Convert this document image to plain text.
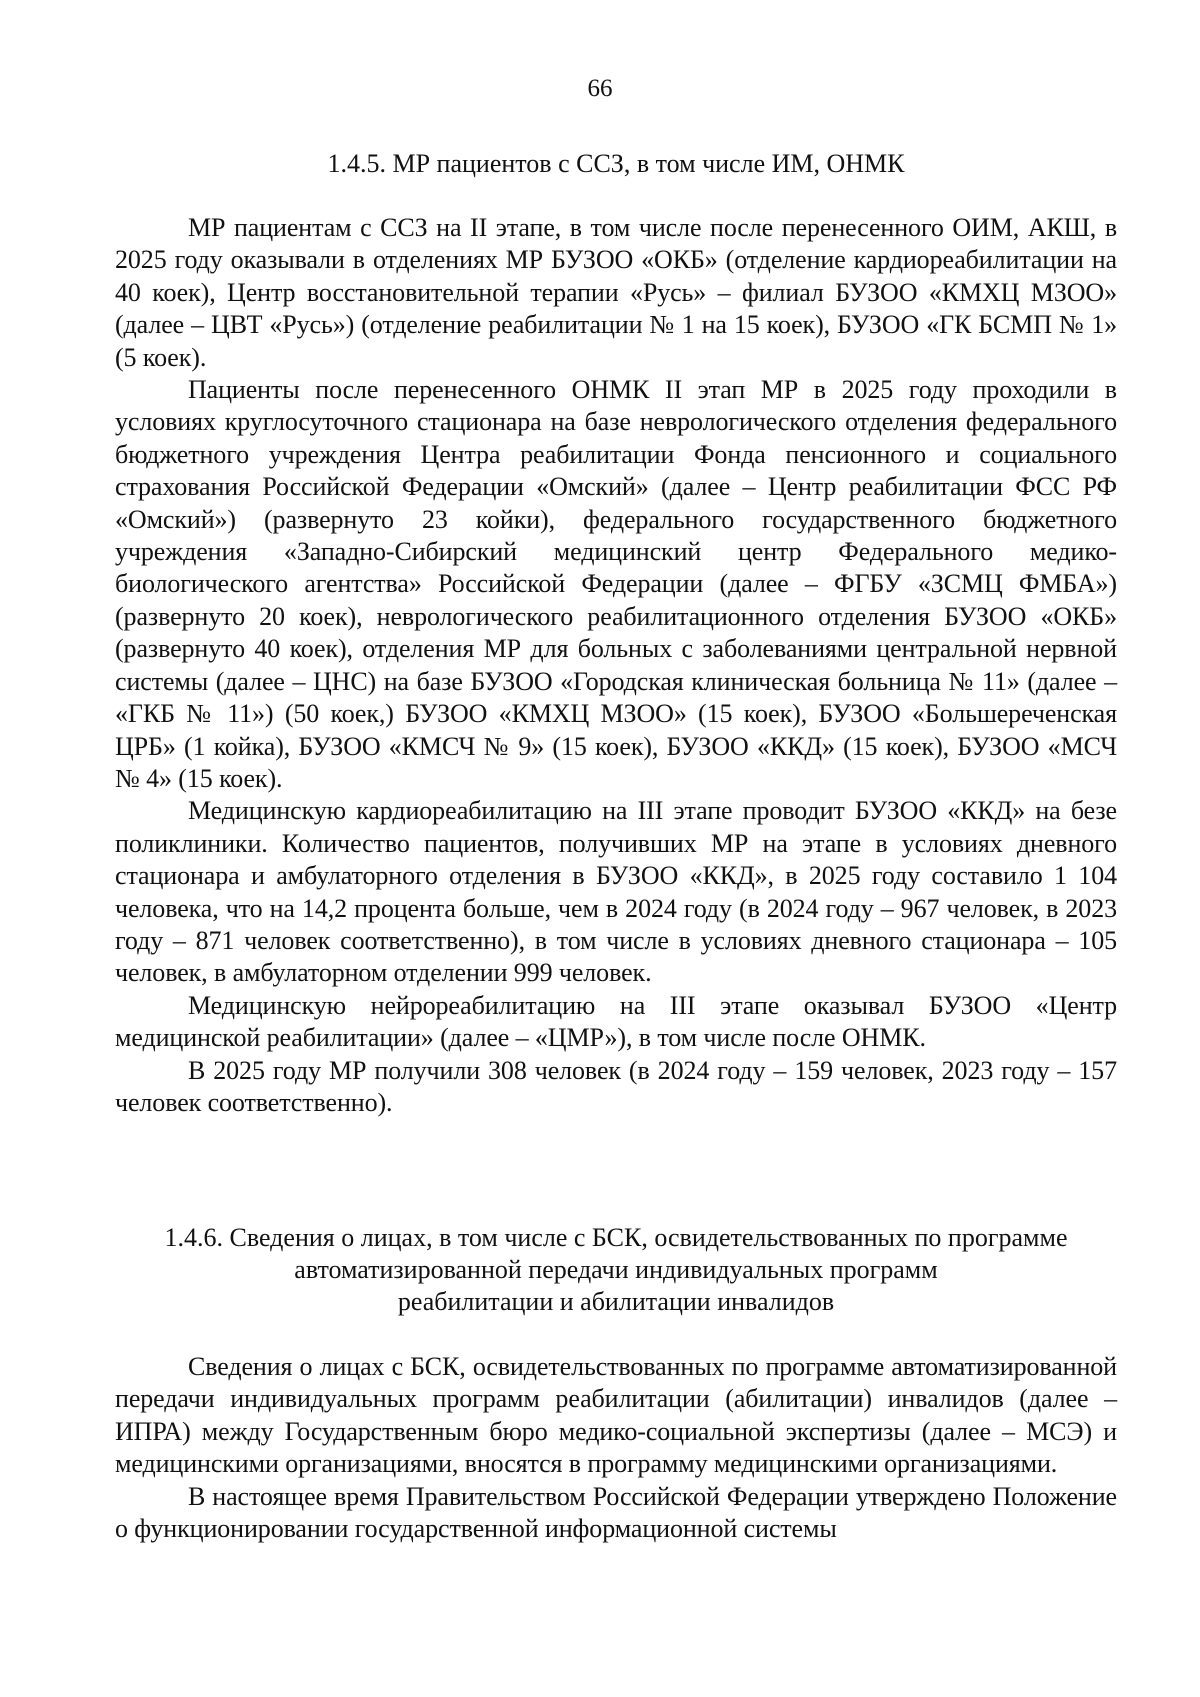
66
1.4.5. МР пациентов с ССЗ, в том числе ИМ, ОНМК

МР пациентам с ССЗ на II этапе, в том числе после перенесенного ОИМ, АКШ, в 2025 году оказывали в отделениях МР БУЗОО «ОКБ» (отделение кардиореабилитации на 40 коек), Центр восстановительной терапии «Русь» – филиал БУЗОО «КМХЦ МЗОО» (далее – ЦВТ «Русь») (отделение реабилитации № 1 на 15 коек), БУЗОО «ГК БСМП № 1» (5 коек).

Пациенты после перенесенного ОНМК II этап МР в 2025 году проходили в условиях круглосуточного стационара на базе неврологического отделения федерального бюджетного учреждения Центра реабилитации Фонда пенсионного и социального страхования Российской Федерации «Омский» (далее – Центр реабилитации ФСС РФ «Омский») (развернуто 23 койки), федерального государственного бюджетного учреждения «Западно-Сибирский медицинский центр Федерального медико-биологического агентства» Российской Федерации (далее – ФГБУ «ЗСМЦ ФМБА») (развернуто 20 коек), неврологического реабилитационного отделения БУЗОО «ОКБ» (развернуто 40 коек), отделения МР для больных с заболеваниями центральной нервной системы (далее – ЦНС) на базе БУЗОО «Городская клиническая больница № 11» (далее – «ГКБ № 11») (50 коек,) БУЗОО «КМХЦ МЗОО» (15 коек), БУЗОО «Большереченская ЦРБ» (1 койка), БУЗОО «КМСЧ № 9» (15 коек), БУЗОО «ККД» (15 коек), БУЗОО «МСЧ № 4» (15 коек).

Медицинскую кардиореабилитацию на III этапе проводит БУЗОО «ККД» на безе поликлиники. Количество пациентов, получивших МР на этапе в условиях дневного стационара и амбулаторного отделения в БУЗОО «ККД», в 2025 году составило 1 104 человека, что на 14,2 процента больше, чем в 2024 году (в 2024 году – 967 человек, в 2023 году – 871 человек соответственно), в том числе в условиях дневного стационара – 105 человек, в амбулаторном отделении 999 человек.

Медицинскую нейрореабилитацию на III этапе оказывал БУЗОО «Центр медицинской реабилитации» (далее – «ЦМР»), в том числе после ОНМК.

В 2025 году МР получили 308 человек (в 2024 году – 159 человек, 2023 году – 157 человек соответственно).

1.4.6. Сведения о лицах, в том числе с БСК, освидетельствованных по программе
автоматизированной передачи индивидуальных программ
реабилитации и абилитации инвалидов

Сведения о лицах с БСК, освидетельствованных по программе автоматизированной передачи индивидуальных программ реабилитации (абилитации) инвалидов (далее – ИПРА) между Государственным бюро медико-социальной экспертизы (далее – МСЭ) и медицинскими организациями, вносятся в программу медицинскими организациями.

В настоящее время Правительством Российской Федерации утверждено Положение о функционировании государственной информационной системы
